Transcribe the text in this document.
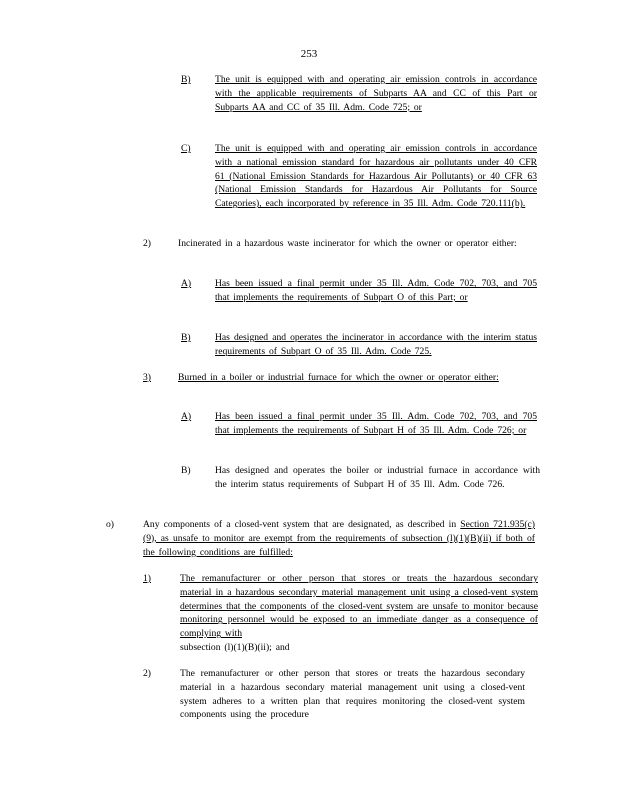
253
B)	The unit is equipped with and operating air emission controls in accordance with the applicable requirements of Subparts AA and CC of this Part or Subparts AA and CC of 35 Ill. Adm. Code 725; or
C)	The unit is equipped with and operating air emission controls in accordance with a national emission standard for hazardous air pollutants under 40 CFR 61 (National Emission Standards for Hazardous Air Pollutants) or 40 CFR 63 (National Emission Standards for Hazardous Air Pollutants for Source Categories), each incorporated by reference in 35 Ill. Adm. Code 720.111(b).
2)	Incinerated in a hazardous waste incinerator for which the owner or operator either:
A) Has been issued a final permit under 35 Ill. Adm. Code 702, 703, and 705 that implements the requirements of Subpart O of this Part; or
B)	Has designed and operates the incinerator in accordance with the interim status requirements of Subpart O of 35 Ill. Adm. Code 725.
3)	Burned in a boiler or industrial furnace for which the owner or operator either:
A) Has been issued a final permit under 35 Ill. Adm. Code 702, 703, and 705 that implements the requirements of Subpart H of 35 Ill. Adm. Code 726; or
B)	Has designed and operates the boiler or industrial furnace in accordance with the interim status requirements of Subpart H of 35 Ill. Adm. Code 726.
o)	Any components of a closed-vent system that are designated, as described in Section 721.935(c)(9), as unsafe to monitor are exempt from the requirements of subsection (l)(1)(B)(ii) if both of the following conditions are fulfilled:
1)	The remanufacturer or other person that stores or treats the hazardous secondary material in a hazardous secondary material management unit using a closed-vent system determines that the components of the closed-vent system are unsafe to monitor because monitoring personnel would be exposed to an immediate danger as a consequence of complying with
subsection (l)(1)(B)(ii); and
2)	The remanufacturer or other person that stores or treats the hazardous secondary material in a hazardous secondary material management unit using a closed-vent system adheres to a written plan that requires monitoring the closed-vent system components using the procedure
